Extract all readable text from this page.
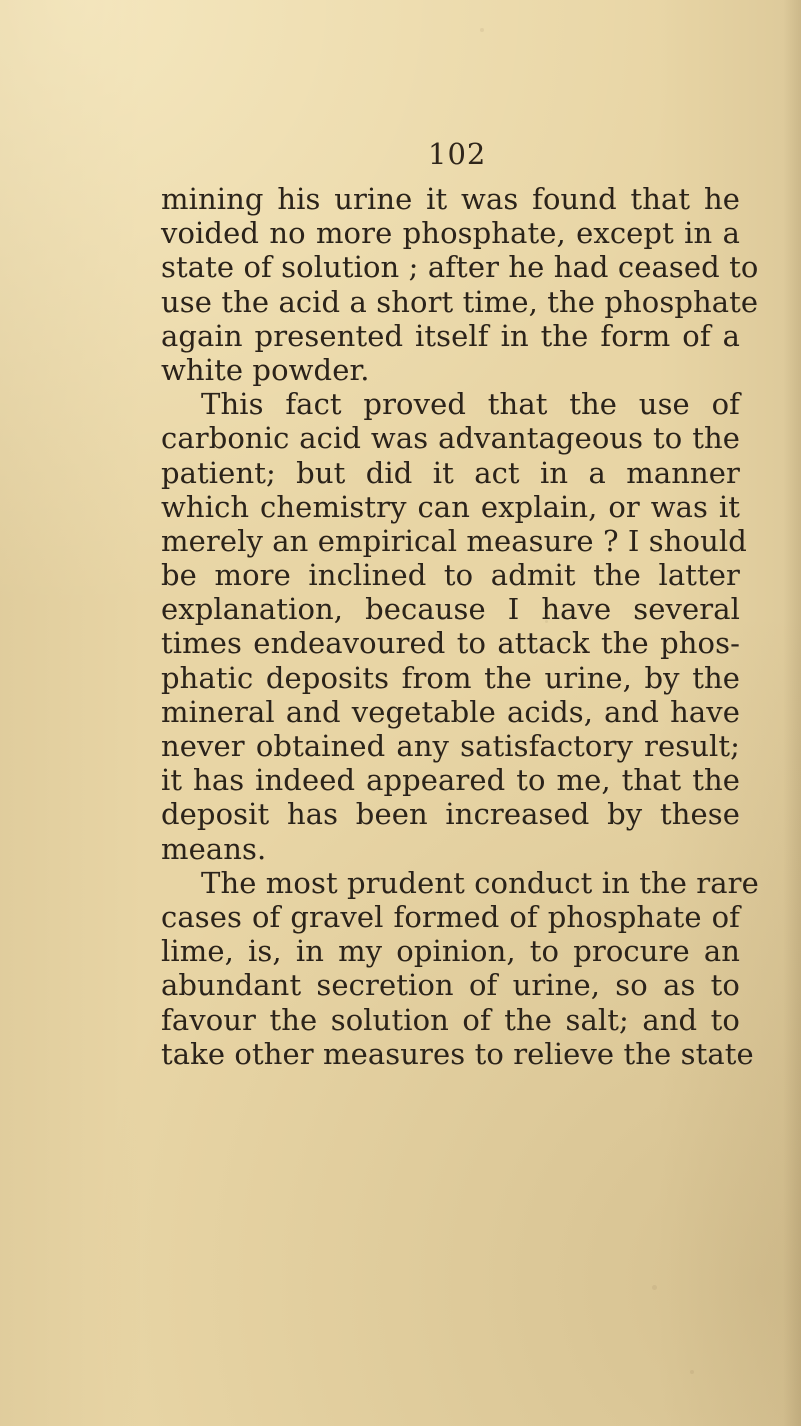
102
mining his urine it was found that he
voided no more phosphate, except in a
state of solution ; after he had ceased to
use the acid a short time, the phosphate
again presented itself in the form of a
white powder.
This fact proved that the use of
carbonic acid was advantageous to the
patient; but did it act in a manner
which chemistry can explain, or was it
merely an empirical measure ? I should
be more inclined to admit the latter
explanation, because I have several
times endeavoured to attack the phos-
phatic deposits from the urine, by the
mineral and vegetable acids, and have
never obtained any satisfactory result;
it has indeed appeared to me, that the
deposit has been increased by these
means.
The most prudent conduct in the rare
cases of gravel formed of phosphate of
lime, is, in my opinion, to procure an
abundant secretion of urine, so as to
favour the solution of the salt; and to
take other measures to relieve the state
